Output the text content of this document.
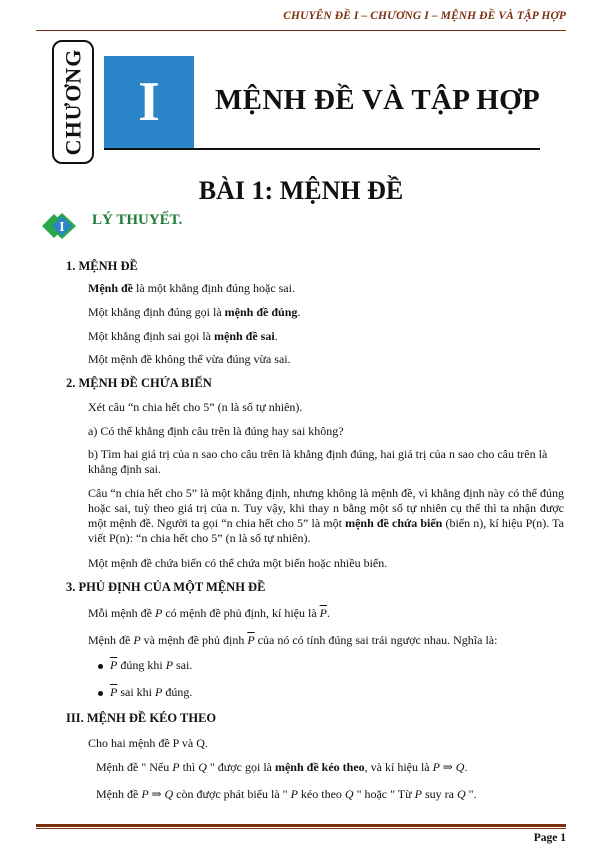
CHUYÊN ĐỀ I – CHƯƠNG I – MỆNH ĐỀ VÀ TẬP HỢP
CHƯƠNG I MỆNH ĐỀ VÀ TẬP HỢP
BÀI 1: MỆNH ĐỀ
I LÝ THUYẾT.
1. MỆNH ĐỀ
Mệnh đề là một khẳng định đúng hoặc sai.
Một khẳng định đúng gọi là mệnh đề đúng.
Một khẳng định sai gọi là mệnh đề sai.
Một mệnh đề không thể vừa đúng vừa sai.
2. MỆNH ĐỀ CHỨA BIẾN
Xét câu “n chia hết cho 5” (n là số tự nhiên).
a) Có thể khẳng định câu trên là đúng hay sai không?
b) Tìm hai giá trị của n sao cho câu trên là khẳng định đúng, hai giá trị của n sao cho câu trên là khẳng định sai.
Câu “n chia hết cho 5” là một khẳng định, nhưng không là mệnh đề, vì khẳng định này có thể đúng hoặc sai, tuỳ theo giá trị của n. Tuy vậy, khi thay n bằng một số tự nhiên cụ thể thì ta nhận được một mệnh đề. Người ta gọi “n chia hết cho 5” là một mệnh đề chứa biến (biến n), kí hiệu P(n). Ta viết P(n): “n chia hết cho 5” (n là số tự nhiên).
Một mệnh đề chứa biến có thể chứa một biến hoặc nhiều biến.
3. PHỦ ĐỊNH CỦA MỘT MỆNH ĐỀ
Mỗi mệnh đề P có mệnh đề phủ định, kí hiệu là $\overline{P}$.
Mệnh đề P và mệnh đề phủ định $\overline{P}$ của nó có tính đúng sai trái ngược nhau. Nghĩa là:
$\overline{P}$ đúng khi P sai.
$\overline{P}$ sai khi P đúng.
III. MỆNH ĐỀ KÉO THEO
Cho hai mệnh đề P và Q.
Mệnh đề " Nếu P thì Q " được gọi là mệnh đề kéo theo, và kí hiệu là P ⇒ Q.
Mệnh đề P ⇒ Q còn được phát biểu là " P kéo theo Q " hoặc " Từ P suy ra Q ".
Page 1
